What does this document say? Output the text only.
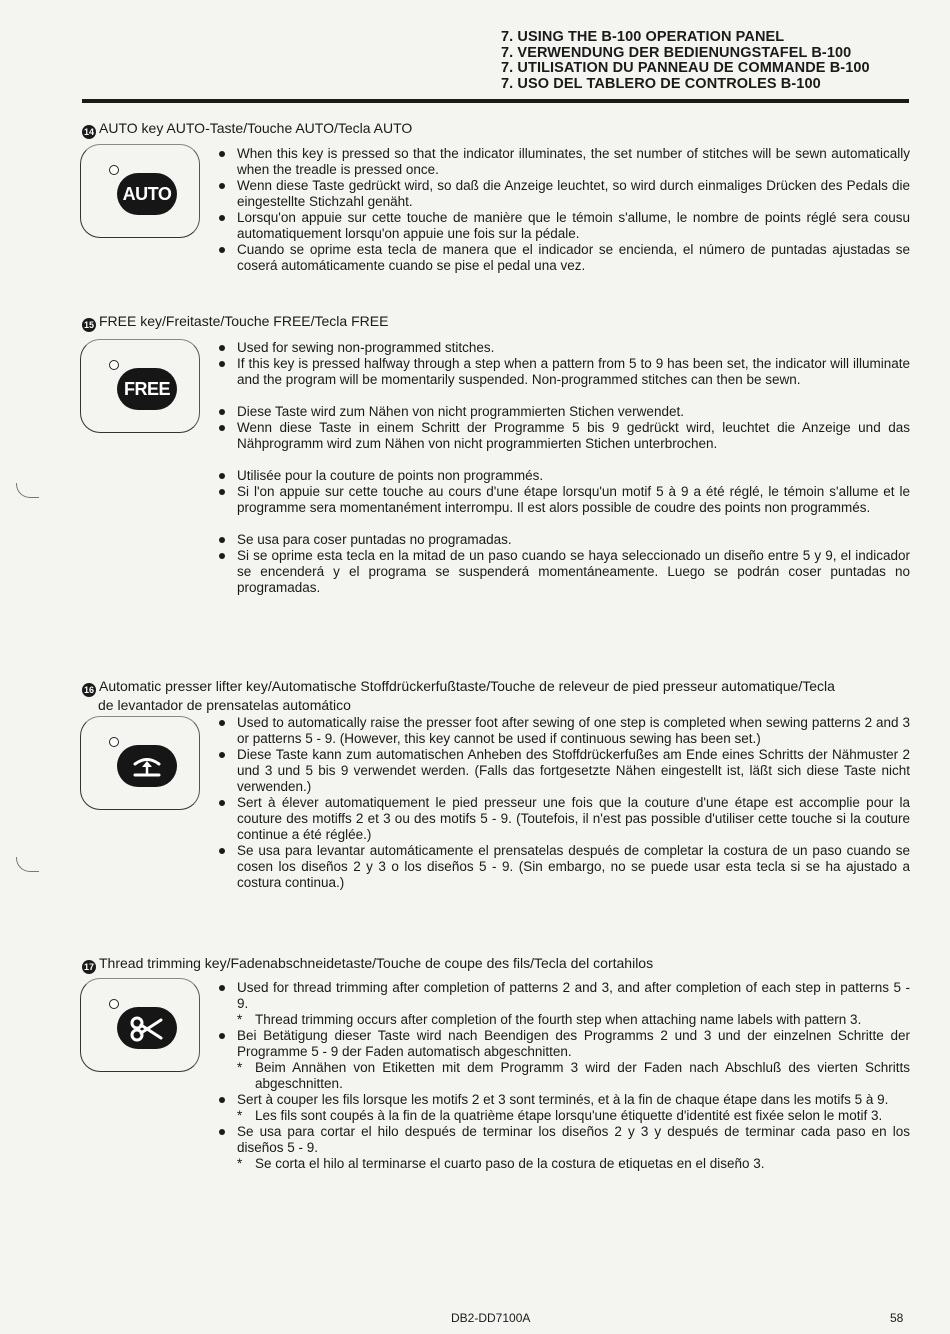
7. USING THE B-100 OPERATION PANEL
7. VERWENDUNG DER BEDIENUNGSTAFEL B-100
7. UTILISATION DU PANNEAU DE COMMANDE B-100
7. USO DEL TABLERO DE CONTROLES B-100
14 AUTO key AUTO-Taste/Touche AUTO/Tecla AUTO
AUTO
When this key is pressed so that the indicator illuminates, the set number of stitches will be sewn automatically when the treadle is pressed once.
Wenn diese Taste gedrückt wird, so daß die Anzeige leuchtet, so wird durch einmaliges Drücken des Pedals die eingestellte Stichzahl genäht.
Lorsqu'on appuie sur cette touche de manière que le témoin s'allume, le nombre de points réglé sera cousu automatiquement lorsqu'on appuie une fois sur la pédale.
Cuando se oprime esta tecla de manera que el indicador se encienda, el número de puntadas ajustadas se coserá automáticamente cuando se pise el pedal una vez.
15 FREE key/Freitaste/Touche FREE/Tecla FREE
FREE
Used for sewing non-programmed stitches.
If this key is pressed halfway through a step when a pattern from 5 to 9 has been set, the indicator will illuminate and the program will be momentarily suspended. Non-programmed stitches can then be sewn.
Diese Taste wird zum Nähen von nicht programmierten Stichen verwendet.
Wenn diese Taste in einem Schritt der Programme 5 bis 9 gedrückt wird, leuchtet die Anzeige und das Nähprogramm wird zum Nähen von nicht programmierten Stichen unterbrochen.
Utilisée pour la couture de points non programmés.
Si l'on appuie sur cette touche au cours d'une étape lorsqu'un motif 5 à 9 a été réglé, le témoin s'allume et le programme sera momentanément interrompu. Il est alors possible de coudre des points non programmés.
Se usa para coser puntadas no programadas.
Si se oprime esta tecla en la mitad de un paso cuando se haya seleccionado un diseño entre 5 y 9, el indicador se encenderá y el programa se suspenderá momentáneamente. Luego se podrán coser puntadas no programadas.
16 Automatic presser lifter key/Automatische Stoffdrückerfußtaste/Touche de releveur de pied presseur automatique/Tecla
de levantador de prensatelas automático
Used to automatically raise the presser foot after sewing of one step is completed when sewing patterns 2 and 3 or patterns 5 - 9. (However, this key cannot be used if continuous sewing has been set.)
Diese Taste kann zum automatischen Anheben des Stoffdrückerfußes am Ende eines Schritts der Nähmuster 2 und 3 und 5 bis 9 verwendet werden. (Falls das fortgesetzte Nähen eingestellt ist, läßt sich diese Taste nicht verwenden.)
Sert à élever automatiquement le pied presseur une fois que la couture d'une étape est accomplie pour la couture des motiffs 2 et 3 ou des motifs 5 - 9. (Toutefois, il n'est pas possible d'utiliser cette touche si la couture continue a été réglée.)
Se usa para levantar automáticamente el prensatelas después de completar la costura de un paso cuando se cosen los diseños 2 y 3 o los diseños 5 - 9. (Sin embargo, no se puede usar esta tecla si se ha ajustado a costura continua.)
17 Thread trimming key/Fadenabschneidetaste/Touche de coupe des fils/Tecla del cortahilos
Used for thread trimming after completion of patterns 2 and 3, and after completion of each step in patterns 5 - 9.
* Thread trimming occurs after completion of the fourth step when attaching name labels with pattern 3.
Bei Betätigung dieser Taste wird nach Beendigen des Programms 2 und 3 und der einzelnen Schritte der Programme 5 - 9 der Faden automatisch abgeschnitten.
* Beim Annähen von Etiketten mit dem Programm 3 wird der Faden nach Abschluß des vierten Schritts abgeschnitten.
Sert à couper les fils lorsque les motifs 2 et 3 sont terminés, et à la fin de chaque étape dans les motifs 5 à 9.
* Les fils sont coupés à la fin de la quatrième étape lorsqu'une étiquette d'identité est fixée selon le motif 3.
Se usa para cortar el hilo después de terminar los diseños 2 y 3 y después de terminar cada paso en los diseños 5 - 9.
* Se corta el hilo al terminarse el cuarto paso de la costura de etiquetas en el diseño 3.
DB2-DD7100A	58
